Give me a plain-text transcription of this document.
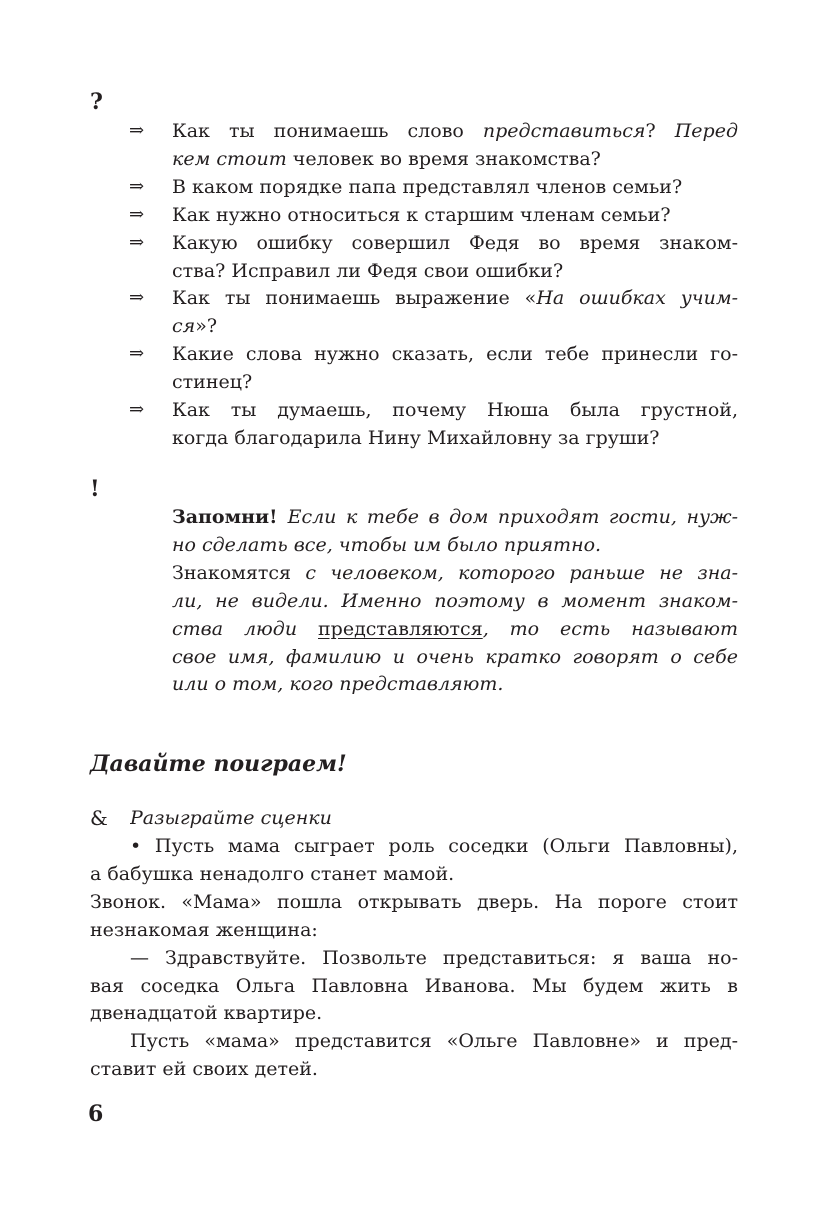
?
⇒ Как ты понимаешь слово представиться? Перед
кем стоит человек во время знакомства?
⇒ В каком порядке папа представлял членов семьи?
⇒ Как нужно относиться к старшим членам семьи?
⇒ Какую ошибку совершил Федя во время знаком-
ства? Исправил ли Федя свои ошибки?
⇒ Как ты понимаешь выражение «На ошибках учим-
ся»?
⇒ Какие слова нужно сказать, если тебе принесли го-
стинец?
⇒ Как ты думаешь, почему Нюша была грустной,
когда благодарила Нину Михайловну за груши?
!
Запомни! Если к тебе в дом приходят гости, нуж-
но сделать все, чтобы им было приятно.
Знакомятся с человеком, которого раньше не зна-
ли, не видели. Именно поэтому в момент знаком-
ства люди представляются, то есть называют
свое имя, фамилию и очень кратко говорят о себе
или о том, кого представляют.
Давайте поиграем!
&	Разыграйте сценки
• Пусть мама сыграет роль соседки (Ольги Павловны),
а бабушка ненадолго станет мамой.
Звонок. «Мама» пошла открывать дверь. На пороге стоит
незнакомая женщина:
— Здравствуйте. Позвольте представиться: я ваша но-
вая соседка Ольга Павловна Иванова. Мы будем жить в
двенадцатой квартире.
Пусть «мама» представится «Ольге Павловне» и пред-
ставит ей своих детей.
6
